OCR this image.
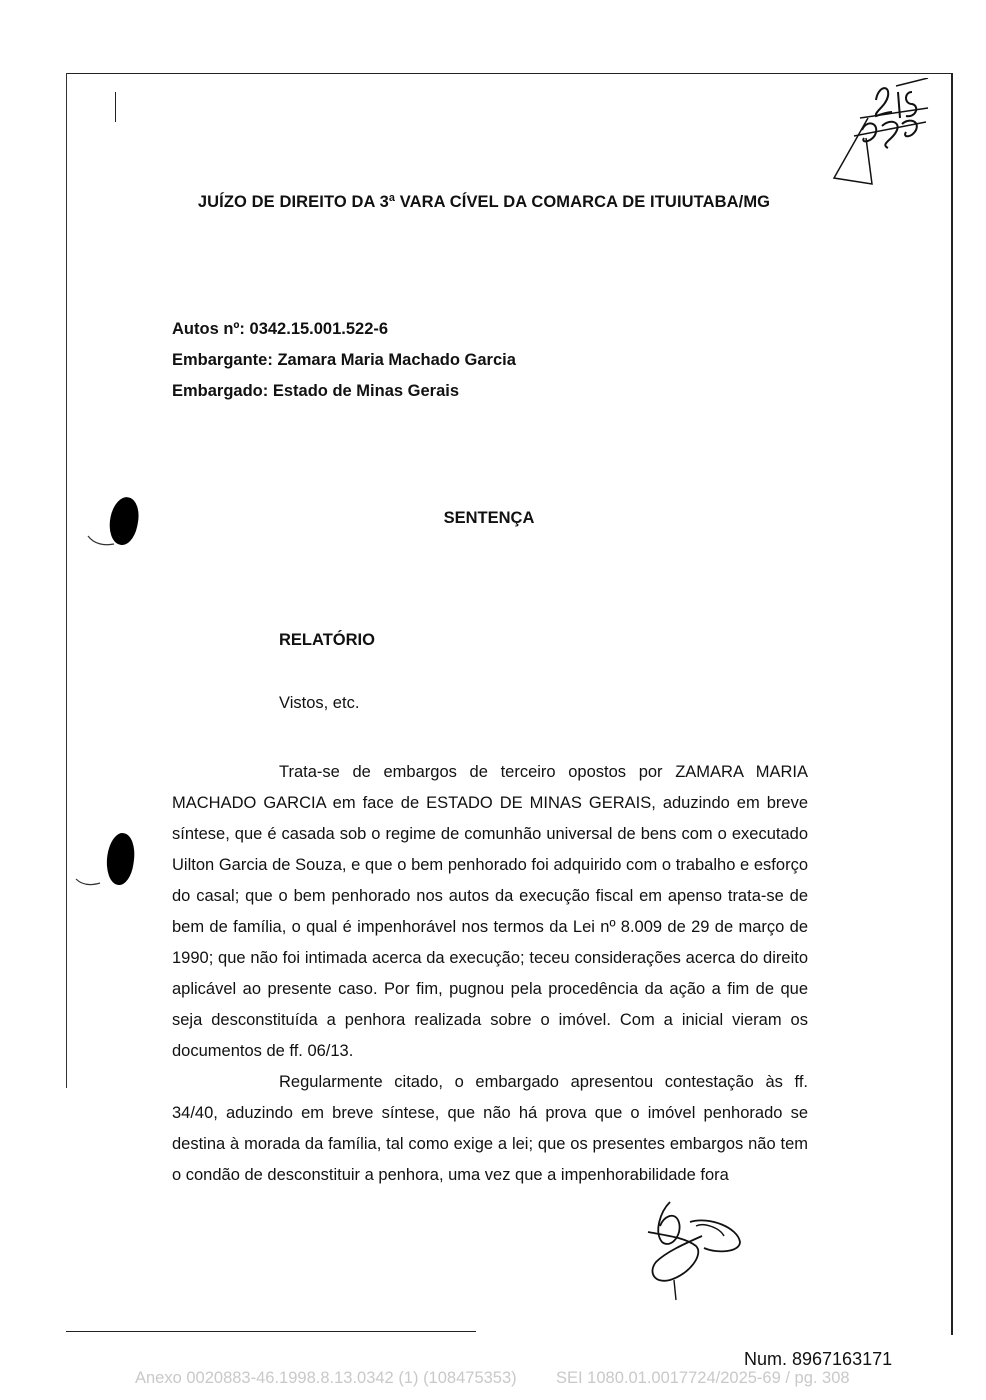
JUÍZO DE DIREITO DA 3ª VARA CÍVEL DA COMARCA DE ITUIUTABA/MG
Autos nº: 0342.15.001.522-6
Embargante: Zamara Maria Machado Garcia
Embargado: Estado de Minas Gerais
SENTENÇA
RELATÓRIO
Vistos, etc.
Trata-se de embargos de terceiro opostos por ZAMARA MARIA MACHADO GARCIA em face de ESTADO DE MINAS GERAIS, aduzindo em breve síntese, que é casada sob o regime de comunhão universal de bens com o executado Uilton Garcia de Souza, e que o bem penhorado foi adquirido com o trabalho e esforço do casal; que o bem penhorado nos autos da execução fiscal em apenso trata-se de bem de família, o qual é impenhorável nos termos da Lei nº 8.009 de 29 de março de 1990; que não foi intimada acerca da execução; teceu considerações acerca do direito aplicável ao presente caso. Por fim, pugnou pela procedência da ação a fim de que seja desconstituída a penhora realizada sobre o imóvel. Com a inicial vieram os documentos de ff. 06/13.
Regularmente citado, o embargado apresentou contestação às ff. 34/40, aduzindo em breve síntese, que não há prova que o imóvel penhorado se destina à morada da família, tal como exige a lei; que os presentes embargos não tem o condão de desconstituir a penhora, uma vez que a impenhorabilidade fora
Num. 8967163171
Anexo 0020883-46.1998.8.13.0342 (1) (108475353) SEI 1080.01.0017724/2025-69 / pg. 308
